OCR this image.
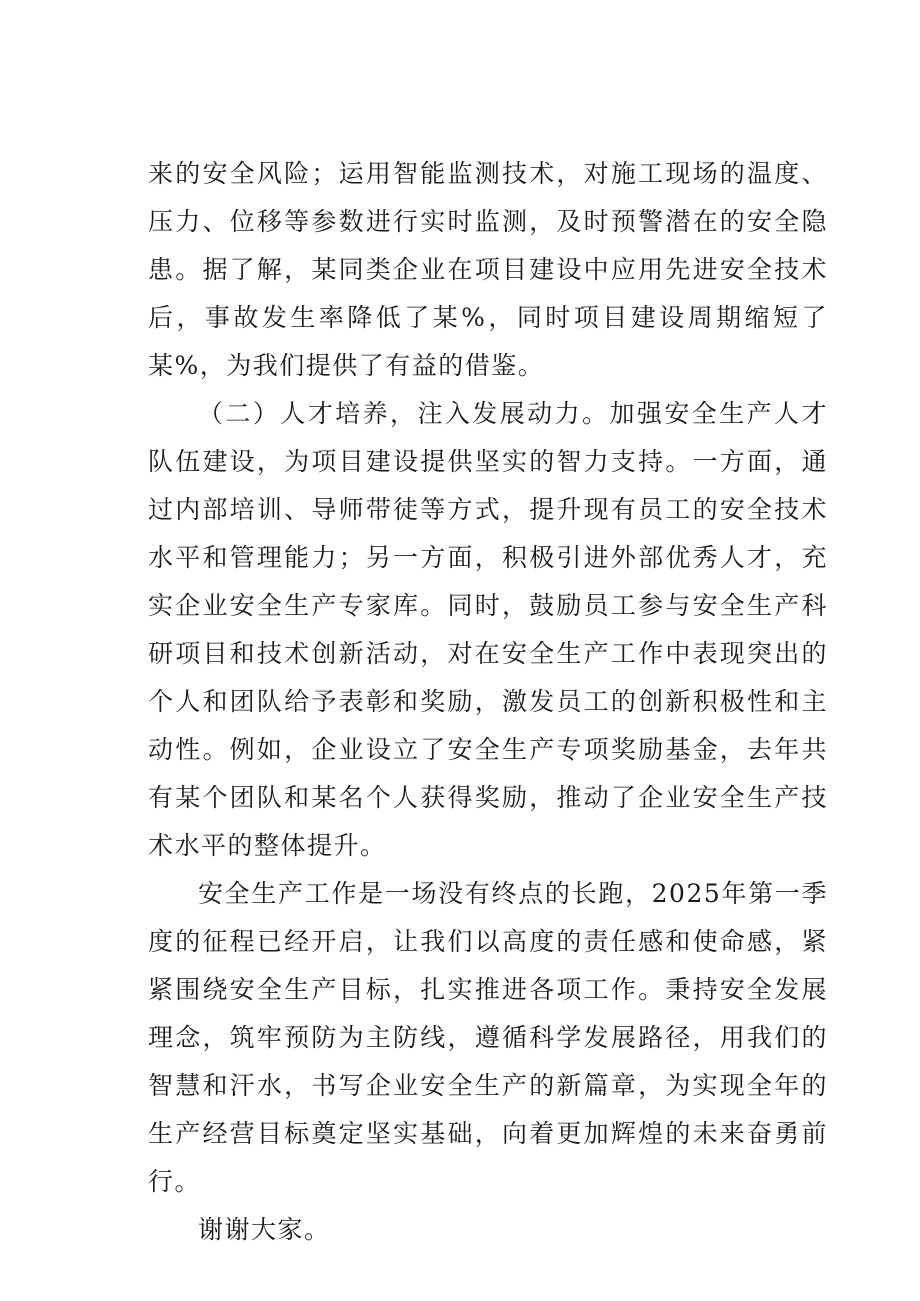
来的安全风险；运用智能监测技术，对施工现场的温度、压力、位移等参数进行实时监测，及时预警潜在的安全隐患。据了解，某同类企业在项目建设中应用先进安全技术后，事故发生率降低了某%，同时项目建设周期缩短了某%，为我们提供了有益的借鉴。

（二）人才培养，注入发展动力。加强安全生产人才队伍建设，为项目建设提供坚实的智力支持。一方面，通过内部培训、导师带徒等方式，提升现有员工的安全技术水平和管理能力；另一方面，积极引进外部优秀人才，充实企业安全生产专家库。同时，鼓励员工参与安全生产科研项目和技术创新活动，对在安全生产工作中表现突出的个人和团队给予表彰和奖励，激发员工的创新积极性和主动性。例如，企业设立了安全生产专项奖励基金，去年共有某个团队和某名个人获得奖励，推动了企业安全生产技术水平的整体提升。

安全生产工作是一场没有终点的长跑，2025年第一季度的征程已经开启，让我们以高度的责任感和使命感，紧紧围绕安全生产目标，扎实推进各项工作。秉持安全发展理念，筑牢预防为主防线，遵循科学发展路径，用我们的智慧和汗水，书写企业安全生产的新篇章，为实现全年的生产经营目标奠定坚实基础，向着更加辉煌的未来奋勇前行。

谢谢大家。
